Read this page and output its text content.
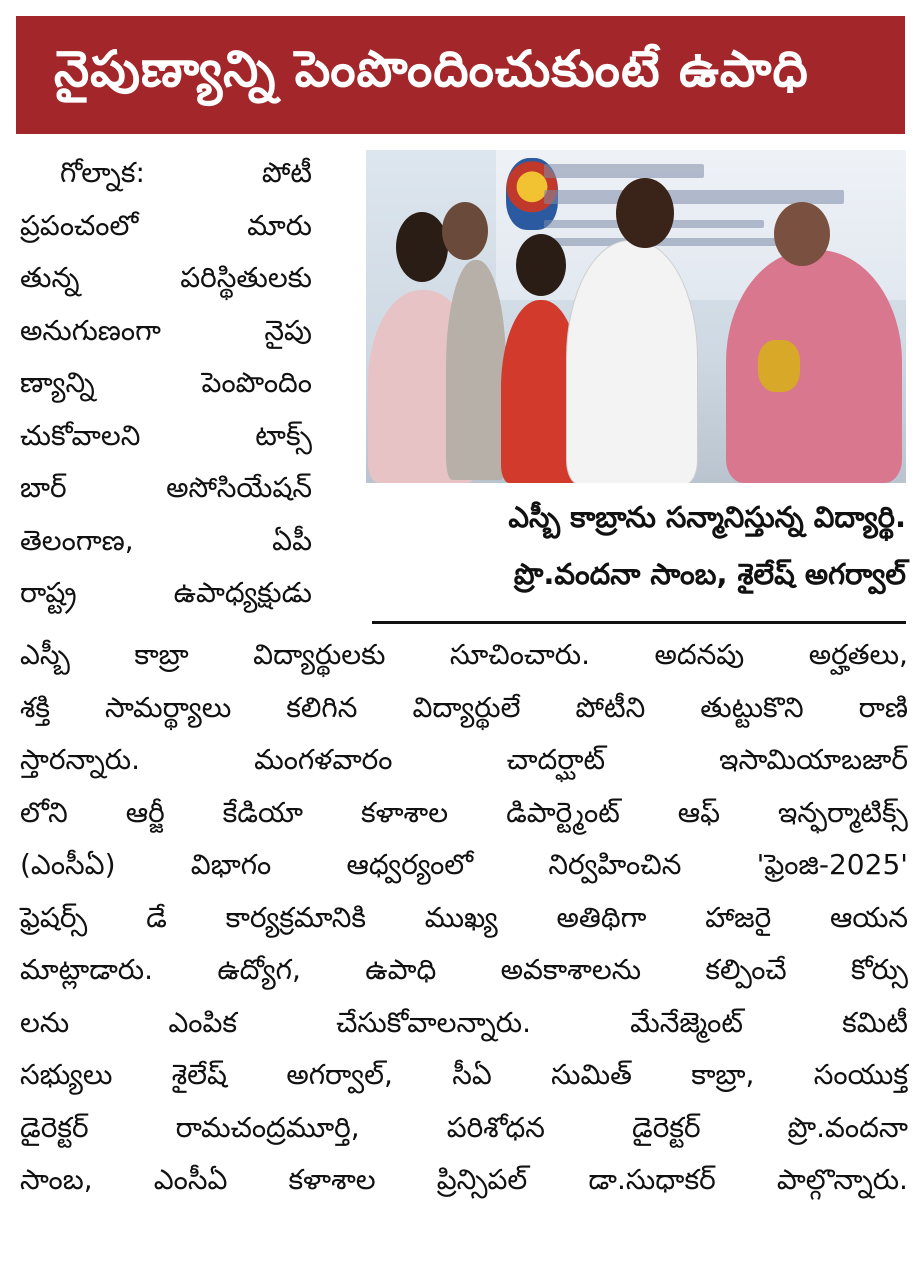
నైపుణ్యాన్ని పెంపొందించుకుంటే ఉపాధి
గోల్నాక:	పోటీ
ప్రపంచంలో	మారు
తున్న	పరిస్థితులకు
అనుగుణంగా	నైపు
ణ్యాన్ని	పెంపొందిం
చుకోవాలని	టాక్స్
బార్	అసోసియేషన్
తెలంగాణ,	ఏపీ
రాష్ట్ర	ఉపాధ్యక్షుడు
ఎస్బీ కాబ్రాను సన్మానిస్తున్న విద్యార్థి.
ప్రొ.వందనా సాంబ, శైలేష్ అగర్వాల్
ఎస్బీ కాబ్రా విద్యార్థులకు సూచించారు. అదనపు అర్హతలు,
శక్తి సామర్థ్యాలు కలిగిన విద్యార్థులే పోటీని తుట్టుకొని రాణి
స్తారన్నారు.	మంగళవారం	చాదర్ఘాట్	ఇసామియాబజార్
లోని ఆర్జీ కేడియా కళాశాల డిపార్ట్మెంట్ ఆఫ్ ఇన్ఫర్మాటిక్స్
(ఎంసీఏ)	విభాగం	ఆధ్వర్యంలో	నిర్వహించిన	'ఫ్రెంజి-2025'
ఫ్రెషర్స్ డే కార్యక్రమానికి ముఖ్య అతిథిగా హాజరై ఆయన
మాట్లాడారు. ఉద్యోగ, ఉపాధి అవకాశాలను కల్పించే కోర్సు
లను	ఎంపిక	చేసుకోవాలన్నారు.	మేనేజ్మెంట్	కమిటీ
సభ్యులు శైలేష్ అగర్వాల్, సీఏ సుమిత్ కాబ్రా, సంయుక్త
డైరెక్టర్	రామచంద్రమూర్తి,	పరిశోధన	డైరెక్టర్	ప్రొ.వందనా
సాంబ, ఎంసీఏ కళాశాల ప్రిన్సిపల్ డా.సుధాకర్ పాల్గొన్నారు.
